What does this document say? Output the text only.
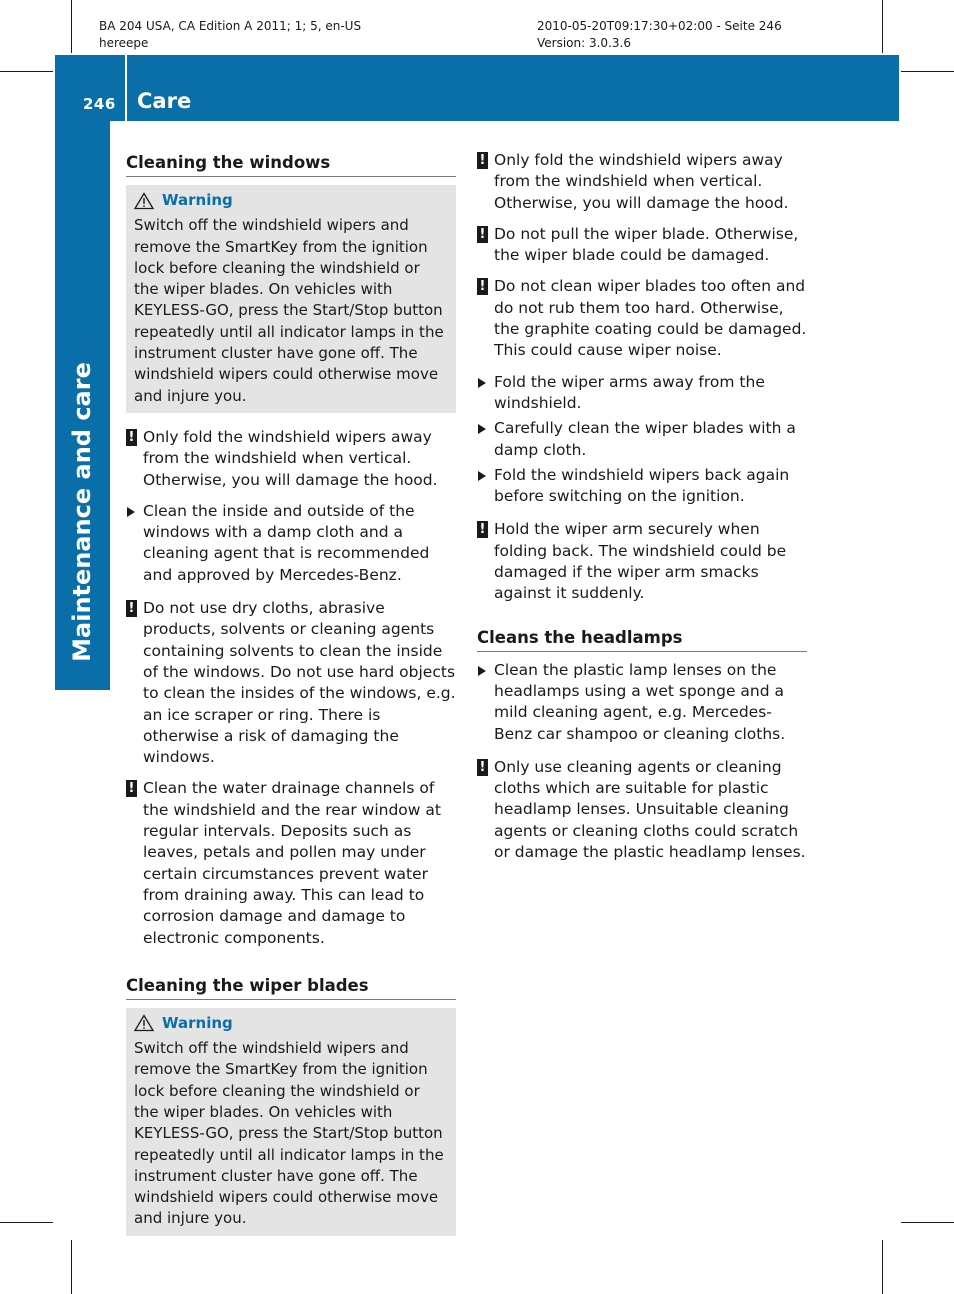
BA 204 USA, CA Edition A 2011; 1; 5, en-US
hereepe
2010-05-20T09:17:30+02:00 - Seite 246
Version: 3.0.3.6
246 Care
Maintenance and care
Cleaning the windows
Warning
Switch off the windshield wipers and remove the SmartKey from the ignition lock before cleaning the windshield or the wiper blades. On vehicles with KEYLESS-GO, press the Start/Stop button repeatedly until all indicator lamps in the instrument cluster have gone off. The windshield wipers could otherwise move and injure you.
! Only fold the windshield wipers away from the windshield when vertical. Otherwise, you will damage the hood.
Clean the inside and outside of the windows with a damp cloth and a cleaning agent that is recommended and approved by Mercedes-Benz.
! Do not use dry cloths, abrasive products, solvents or cleaning agents containing solvents to clean the inside of the windows. Do not use hard objects to clean the insides of the windows, e.g. an ice scraper or ring. There is otherwise a risk of damaging the windows.
! Clean the water drainage channels of the windshield and the rear window at regular intervals. Deposits such as leaves, petals and pollen may under certain circumstances prevent water from draining away. This can lead to corrosion damage and damage to electronic components.
Cleaning the wiper blades
Warning
Switch off the windshield wipers and remove the SmartKey from the ignition lock before cleaning the windshield or the wiper blades. On vehicles with KEYLESS-GO, press the Start/Stop button repeatedly until all indicator lamps in the instrument cluster have gone off. The windshield wipers could otherwise move and injure you.
! Only fold the windshield wipers away from the windshield when vertical. Otherwise, you will damage the hood.
! Do not pull the wiper blade. Otherwise, the wiper blade could be damaged.
! Do not clean wiper blades too often and do not rub them too hard. Otherwise, the graphite coating could be damaged. This could cause wiper noise.
Fold the wiper arms away from the windshield.
Carefully clean the wiper blades with a damp cloth.
Fold the windshield wipers back again before switching on the ignition.
! Hold the wiper arm securely when folding back. The windshield could be damaged if the wiper arm smacks against it suddenly.
Cleans the headlamps
Clean the plastic lamp lenses on the headlamps using a wet sponge and a mild cleaning agent, e.g. Mercedes-Benz car shampoo or cleaning cloths.
! Only use cleaning agents or cleaning cloths which are suitable for plastic headlamp lenses. Unsuitable cleaning agents or cleaning cloths could scratch or damage the plastic headlamp lenses.
